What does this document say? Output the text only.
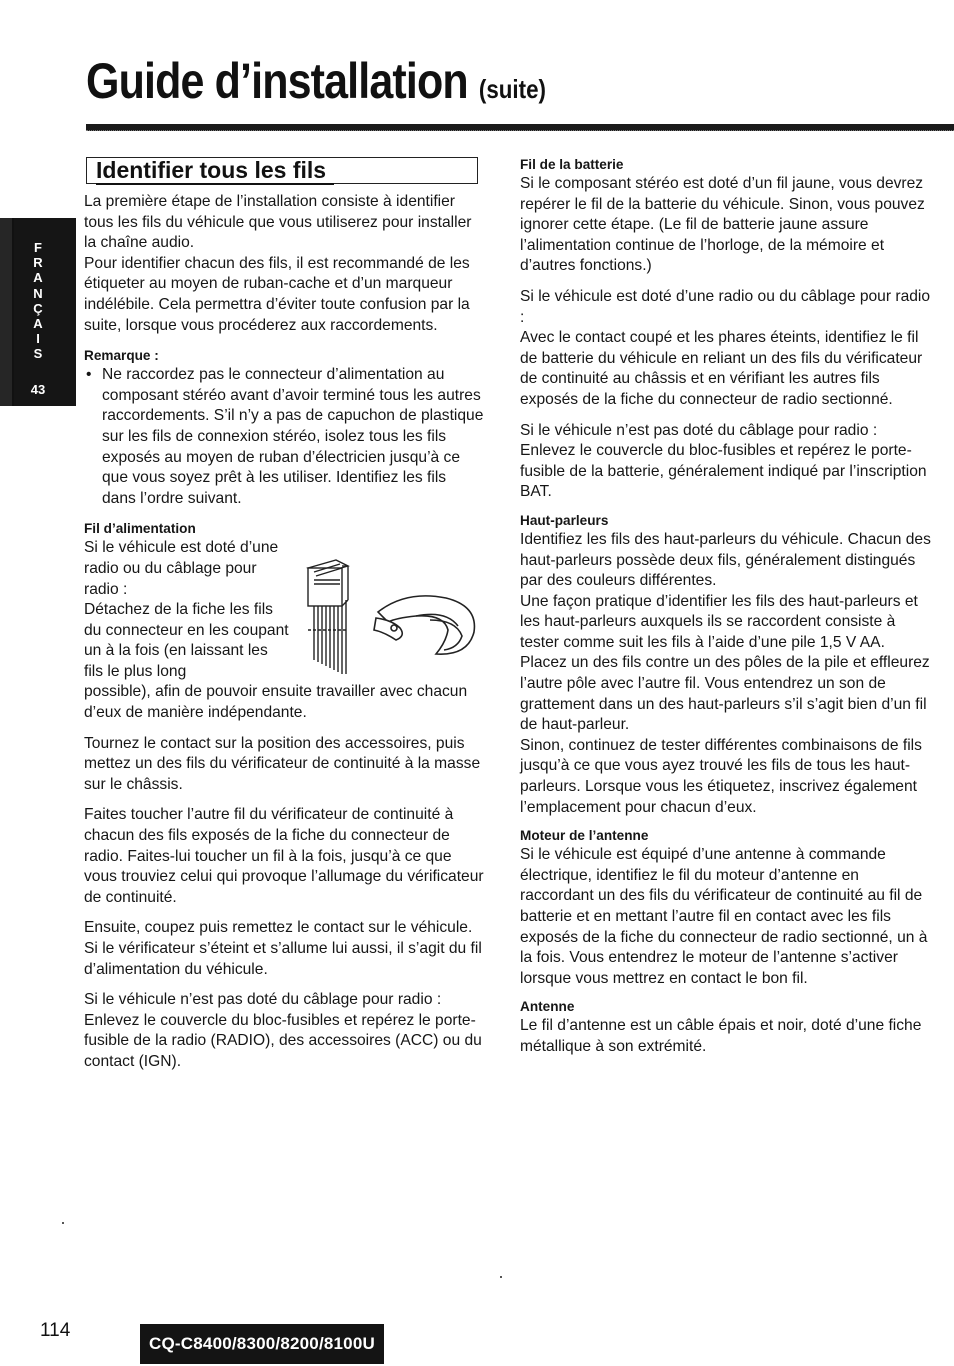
Guide d’installation (suite)
F
R
A
N
Ç
A
I
S
43
Identifier tous les fils

La première étape de l’installation consiste à identifier tous les fils du véhicule que vous utiliserez pour installer la chaîne audio.

Pour identifier chacun des fils, il est recommandé de les étiqueter au moyen de ruban-cache et d’un marqueur indélébile. Cela permettra d’éviter toute confusion par la suite, lorsque vous procéderez aux raccordements.

Remarque :

• Ne raccordez pas le connecteur d’alimentation au composant stéréo avant d’avoir terminé tous les autres raccordements. S’il n’y a pas de capuchon de plastique sur les fils de connexion stéréo, isolez tous les fils exposés au moyen de ruban d’électricien jusqu’à ce que vous soyez prêt à les utiliser. Identifiez les fils dans l’ordre suivant.

Fil d’alimentation
Si le véhicule est doté d’une radio ou du câblage pour radio :
Détachez de la fiche les fils du connecteur en les coupant un à la fois (en laissant les fils le plus long

possible), afin de pouvoir ensuite travailler avec chacun d’eux de manière indépendante.

Tournez le contact sur la position des accessoires, puis mettez un des fils du vérificateur de continuité à la masse sur le châssis.

Faites toucher l’autre fil du vérificateur de continuité à chacun des fils exposés de la fiche du connecteur de radio. Faites-lui toucher un fil à la fois, jusqu’à ce que vous trouviez celui qui provoque l’allumage du vérificateur de continuité.

Ensuite, coupez puis remettez le contact sur le véhicule. Si le vérificateur s’éteint et s’allume lui aussi, il s’agit du fil d’alimentation du véhicule.

Si le véhicule n’est pas doté du câblage pour radio : Enlevez le couvercle du bloc-fusibles et repérez le porte-fusible de la radio (RADIO), des accessoires (ACC) ou du contact (IGN).

Fil de la batterie

Si le composant stéréo est doté d’un fil jaune, vous devrez repérer le fil de la batterie du véhicule. Sinon, vous pouvez ignorer cette étape. (Le fil de batterie jaune assure l’alimentation continue de l’horloge, de la mémoire et d’autres fonctions.)

Si le véhicule est doté d’une radio ou du câblage pour radio :

Avec le contact coupé et les phares éteints, identifiez le fil de batterie du véhicule en reliant un des fils du vérificateur de continuité au châssis et en vérifiant les autres fils exposés de la fiche du connecteur de radio sectionné.

Si le véhicule n’est pas doté du câblage pour radio : Enlevez le couvercle du bloc-fusibles et repérez le porte-fusible de la batterie, généralement indiqué par l’inscription BAT.

Haut-parleurs

Identifiez les fils des haut-parleurs du véhicule. Chacun des haut-parleurs possède deux fils, généralement distingués par des couleurs différentes.

Une façon pratique d’identifier les fils des haut-parleurs et les haut-parleurs auxquels ils se raccordent consiste à tester comme suit les fils à l’aide d’une pile 1,5 V AA. Placez un des fils contre un des pôles de la pile et effleurez l’autre pôle avec l’autre fil. Vous entendrez un son de grattement dans un des haut-parleurs s’il s’agit bien d’un fil de haut-parleur.

Sinon, continuez de tester différentes combinaisons de fils jusqu’à ce que vous ayez trouvé les fils de tous les haut-parleurs. Lorsque vous les étiquetez, inscrivez également l’emplacement pour chacun d’eux.

Moteur de l’antenne

Si le véhicule est équipé d’une antenne à commande électrique, identifiez le fil du moteur d’antenne en raccordant un des fils du vérificateur de continuité au fil de batterie et en mettant l’autre fil en contact avec les fils exposés de la fiche du connecteur de radio sectionné, un à la fois. Vous entendrez le moteur de l’antenne s’activer lorsque vous mettrez en contact le bon fil.

Antenne

Le fil d’antenne est un câble épais et noir, doté d’une fiche métallique à son extrémité.

114
CQ-C8400/8300/8200/8100U
